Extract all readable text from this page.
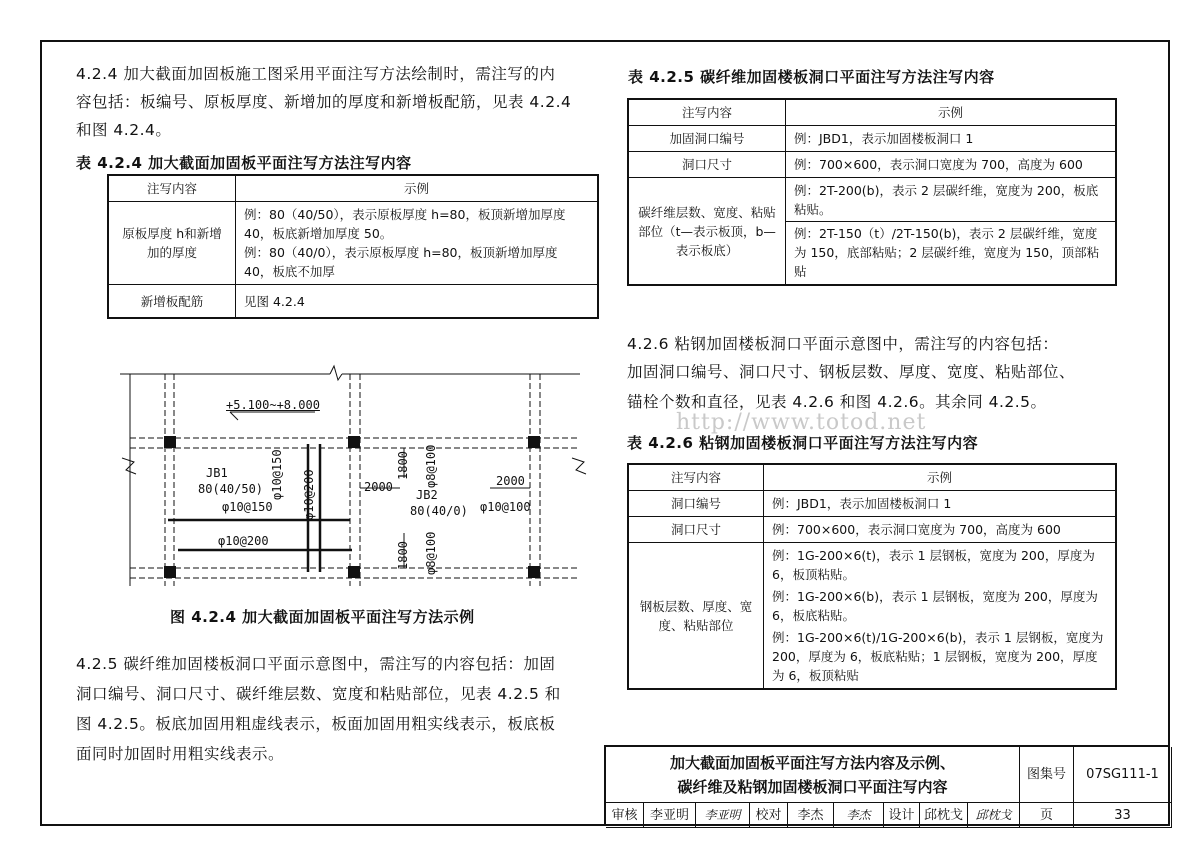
4.2.4 加大截面加固板施工图采用平面注写方法绘制时，需注写的内
容包括：板编号、原板厚度、新增加的厚度和新增板配筋，见表 4.2.4
和图 4.2.4。
表 4.2.4 加大截面加固板平面注写方法注写内容
注写内容	示例
原板厚度 h和新增加的厚度	例：80（40/50），表示原板厚度 h=80，板顶新增加厚度 40，板底新增加厚度 50。
例：80（40/0），表示原板厚度 h=80，板顶新增加厚度 40，板底不加厚

新增板配筋	见图 4.2.4
+5.100~+8.000
JB1
80(40/50)
φ10@150
φ10@200
φ10@150 φ10@200	2000
1800 φ8@100
JB2
80(40/0)
2000
φ10@100
1800 φ8@100
图 4.2.4 加大截面加固板平面注写方法示例
4.2.5 碳纤维加固楼板洞口平面示意图中，需注写的内容包括：加固
洞口编号、洞口尺寸、碳纤维层数、宽度和粘贴部位，见表 4.2.5 和
图 4.2.5。板底加固用粗虚线表示，板面加固用粗实线表示，板底板
面同时加固时用粗实线表示。
表 4.2.5 碳纤维加固楼板洞口平面注写方法注写内容
注写内容	示例
加固洞口编号	例：JBD1，表示加固楼板洞口 1
洞口尺寸	例：700×600，表示洞口宽度为 700，高度为 600
碳纤维层数、宽度、粘贴部位（t—表示板顶，b—表示板底）	例：2T-200(b)，表示 2 层碳纤维，宽度为 200，板底粘贴。
例：2T-150（t）/2T-150(b)，表示 2 层碳纤维，宽度为 150，底部粘贴；2 层碳纤维，宽度为 150，顶部粘贴
4.2.6 粘钢加固楼板洞口平面示意图中，需注写的内容包括：
加固洞口编号、洞口尺寸、钢板层数、厚度、宽度、粘贴部位、
锚栓个数和直径，见表 4.2.6 和图 4.2.6。其余同 4.2.5。
http://www.totod.net
表 4.2.6 粘钢加固楼板洞口平面注写方法注写内容
注写内容	示例
洞口编号	例：JBD1，表示加固楼板洞口 1
洞口尺寸	例：700×600，表示洞口宽度为 700，高度为 600
钢板层数、厚度、宽度、粘贴部位	例：1G-200×6(t)，表示 1 层钢板，宽度为 200，厚度为 6，板顶粘贴。
例：1G-200×6(b)，表示 1 层钢板，宽度为 200，厚度为 6，板底粘贴。
例：1G-200×6(t)/1G-200×6(b)，表示 1 层钢板，宽度为 200，厚度为 6，板底粘贴；1 层钢板，宽度为 200，厚度为 6，板顶粘贴
加大截面加固板平面注写方法内容及示例、
碳纤维及粘钢加固楼板洞口平面注写内容
图集号	07SG111-1
审核 李亚明	李亚明	校对	李杰	李杰	设计 邱枕戈	邱枕戈	页	33
